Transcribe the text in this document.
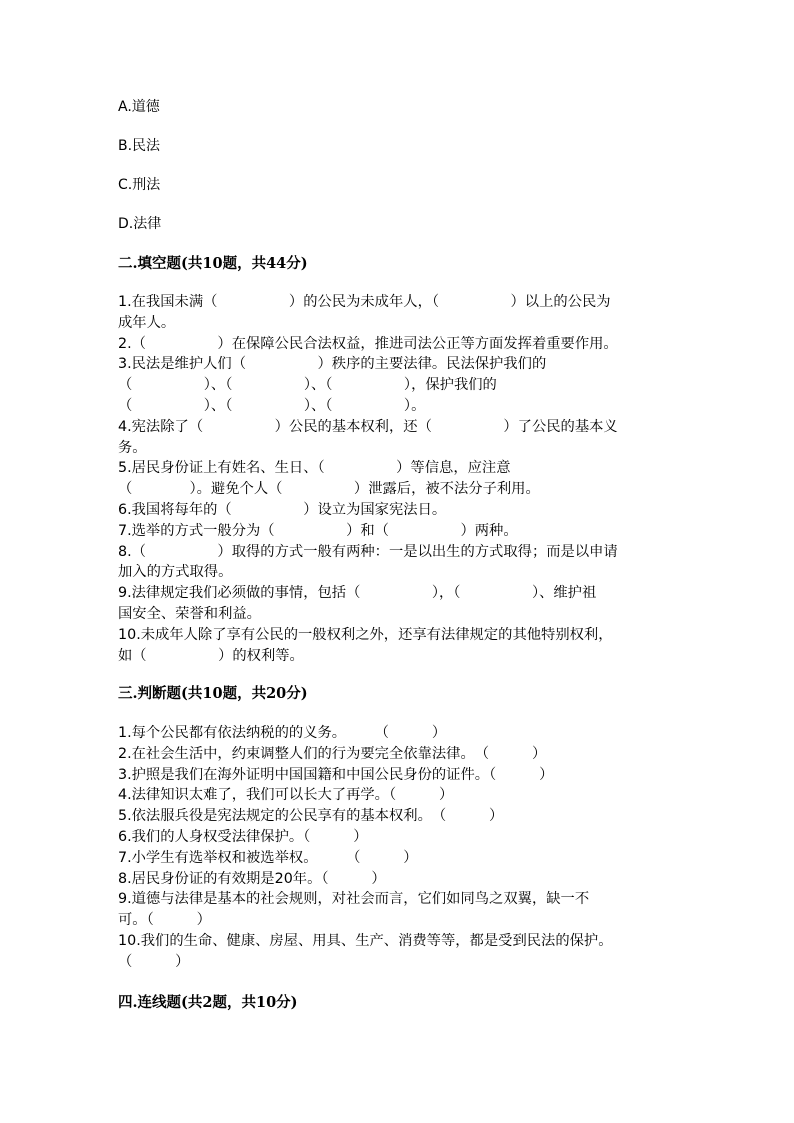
A.道德
B.民法
C.刑法
D.法律
二.填空题(共10题，共44分)
1.在我国未满（　　　　　）的公民为未成年人，（　　　　　）以上的公民为
成年人。
2.（　　　　　）在保障公民合法权益，推进司法公正等方面发挥着重要作用。
3.民法是维护人们（　　　　　）秩序的主要法律。民法保护我们的
（　　　　　）、（　　　　　）、（　　　　　），保护我们的
（　　　　　）、（　　　　　）、（　　　　　）。
4.宪法除了（　　　　　）公民的基本权利，还（　　　　　）了公民的基本义
务。
5.居民身份证上有姓名、生日、（　　　　　）等信息，应注意
（　　　　）。避免个人（　　　　　）泄露后，被不法分子利用。
6.我国将每年的（　　　　　）设立为国家宪法日。
7.选举的方式一般分为（　　　　　）和（　　　　　）两种。
8.（　　　　　）取得的方式一般有两种：一是以出生的方式取得；而是以申请
加入的方式取得。
9.法律规定我们必须做的事情，包括（　　　　　），（　　　　　）、维护祖
国安全、荣誉和利益。
10.未成年人除了享有公民的一般权利之外，还享有法律规定的其他特别权利，
如（　　　　　）的权利等。
三.判断题(共10题，共20分)
1.每个公民都有依法纳税的的义务。　　　（　　　）
2.在社会生活中，约束调整人们的行为要完全依靠法律。　（　　　）
3.护照是我们在海外证明中国国籍和中国公民身份的证件。（　　　）
4.法律知识太难了，我们可以长大了再学。（　　　）
5.依法服兵役是宪法规定的公民享有的基本权利。　（　　　）
6.我们的人身权受法律保护。（　　　）
7.小学生有选举权和被选举权。　　　（　　　）
8.居民身份证的有效期是20年。（　　　）
9.道德与法律是基本的社会规则，对社会而言，它们如同鸟之双翼，缺一不
可。（　　　）
10.我们的生命、健康、房屋、用具、生产、消费等等，都是受到民法的保护。
（　　　）
四.连线题(共2题，共10分)
